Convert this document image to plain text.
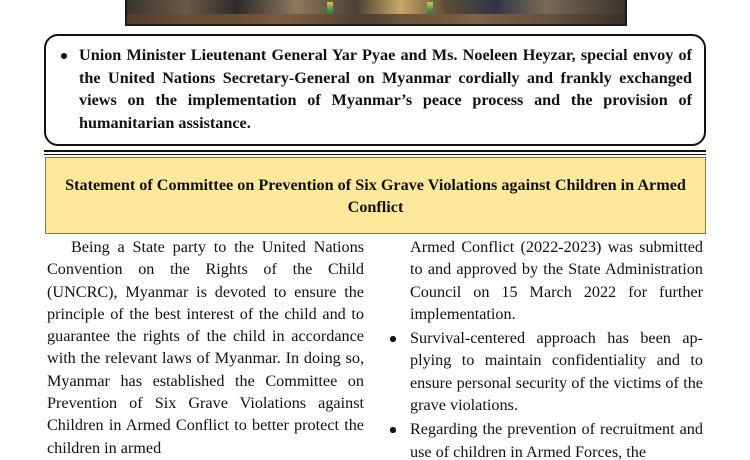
Union Minister Lieutenant General Yar Pyae and Ms. Noeleen Heyzar, special envoy of the United Nations Secretary-General on Myanmar cordially and frankly exchanged views on the implementation of Myanmar’s peace process and the provision of humanitarian assistance.
Statement of Committee on Prevention of Six Grave Violations against Children in Armed Conflict

Being a State party to the United Nations Convention on the Rights of the Child (UNCRC), Myanmar is devoted to ensure the principle of the best interest of the child and to guarantee the rights of the child in accordance with the relevant laws of Myanmar. In doing so, Myanmar has established the Committee on Prevention of Six Grave Violations against Children in Armed Conflict to better protect the children in armed

Armed Conflict (2022-2023) was submitted to and approved by the State Administration Council on 15 March 2022 for further implementation.

Survival-centered approach has been applying to maintain confidentiality and to ensure personal security of the victims of the grave violations.
Regarding the prevention of recruitment and use of children in Armed Forces, the
